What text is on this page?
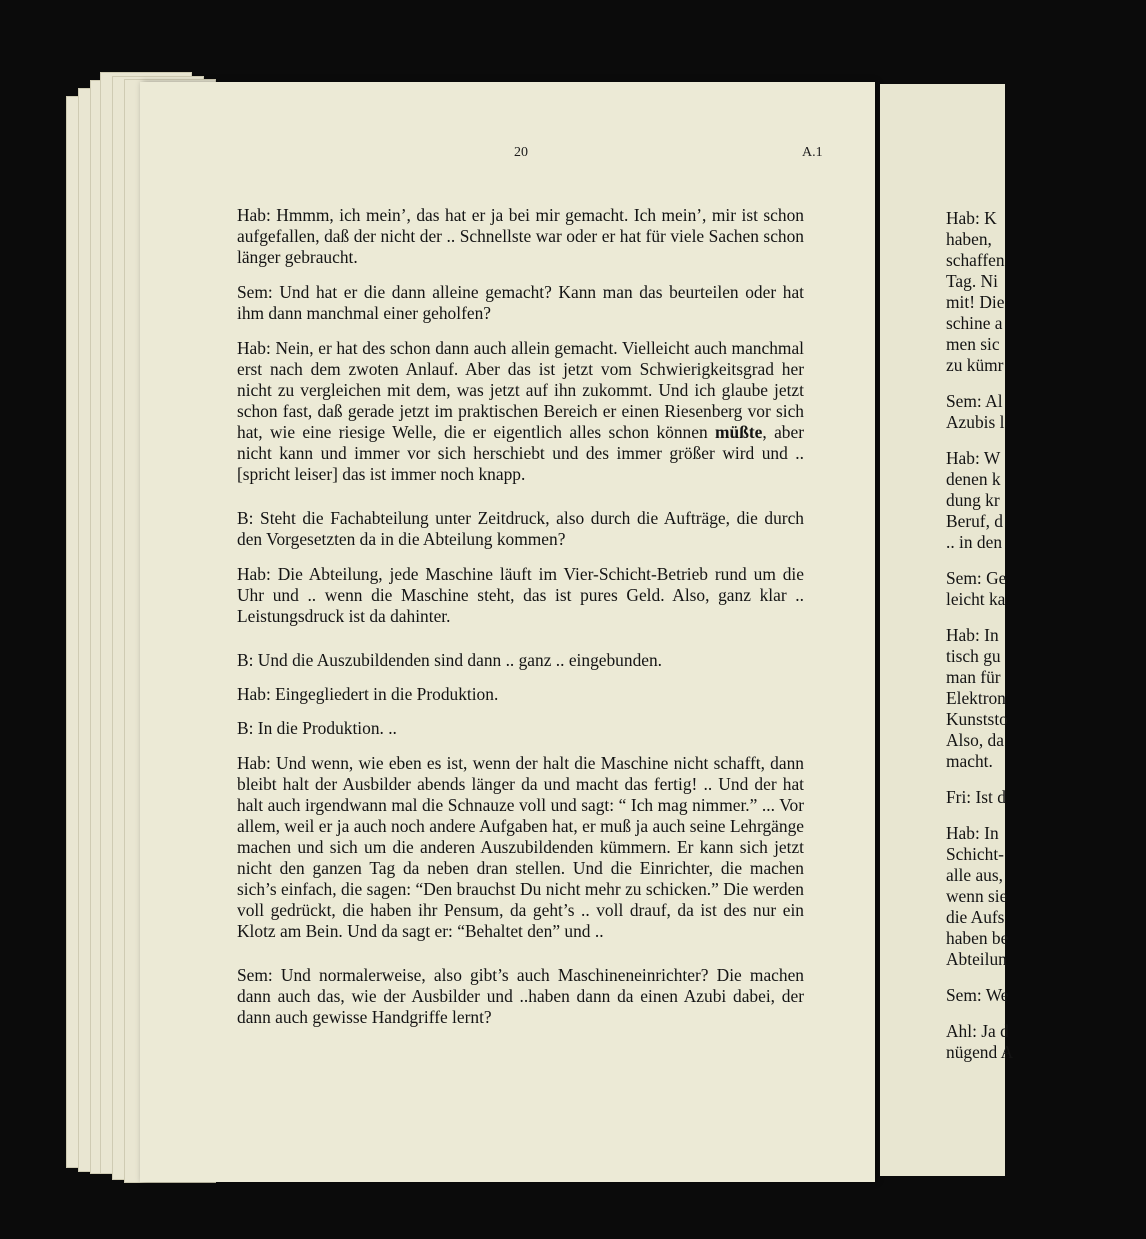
20	A.1

Hab: Hmmm, ich mein’, das hat er ja bei mir gemacht. Ich mein’, mir ist schon aufgefallen, daß der nicht der .. Schnellste war oder er hat für viele Sachen schon länger gebraucht.

Sem: Und hat er die dann alleine gemacht? Kann man das beurteilen oder hat ihm dann manchmal einer geholfen?

Hab: Nein, er hat des schon dann auch allein gemacht. Vielleicht auch manchmal erst nach dem zwoten Anlauf. Aber das ist jetzt vom Schwierigkeitsgrad her nicht zu vergleichen mit dem, was jetzt auf ihn zukommt. Und ich glaube jetzt schon fast, daß gerade jetzt im praktischen Bereich er einen Riesenberg vor sich hat, wie eine riesige Welle, die er eigentlich alles schon können müßte, aber nicht kann und immer vor sich herschiebt und des immer größer wird und .. [spricht leiser] das ist immer noch knapp.

B: Steht die Fachabteilung unter Zeitdruck, also durch die Aufträge, die durch den Vorgesetzten da in die Abteilung kommen?

Hab: Die Abteilung, jede Maschine läuft im Vier-Schicht-Betrieb rund um die Uhr und .. wenn die Maschine steht, das ist pures Geld. Also, ganz klar .. Leistungsdruck ist da dahinter.

B: Und die Auszubildenden sind dann .. ganz .. eingebunden.

Hab: Eingegliedert in die Produktion.

B: In die Produktion. ..

Hab: Und wenn, wie eben es ist, wenn der halt die Maschine nicht schafft, dann bleibt halt der Ausbilder abends länger da und macht das fertig! .. Und der hat halt auch irgendwann mal die Schnauze voll und sagt: “ Ich mag nimmer.” ... Vor allem, weil er ja auch noch andere Aufgaben hat, er muß ja auch seine Lehrgänge machen und sich um die anderen Auszubildenden kümmern. Er kann sich jetzt nicht den ganzen Tag da neben dran stellen. Und die Einrichter, die machen sich’s einfach, die sagen: “Den brauchst Du nicht mehr zu schicken.” Die werden voll gedrückt, die haben ihr Pensum, da geht’s .. voll drauf, da ist des nur ein Klotz am Bein. Und da sagt er: “Behaltet den” und ..

Sem: Und normalerweise, also gibt’s auch Maschineneinrichter? Die machen dann auch das, wie der Ausbilder und ..haben dann da einen Azubi dabei, der dann auch gewisse Handgriffe lernt?

Hab: K
haben,
schaffen
Tag. Ni
mit! Die
schine a
men sic
zu kümr
Sem: Al
Azubis l
Hab: W
denen k
dung kr
Beruf, d
.. in den
Sem: Ge
leicht ka
Hab: In
tisch gu
man für
Elektron
Kunststo
Also, da
macht.
Fri: Ist d
Hab: In
Schicht-
alle aus,
wenn sie
die Aufs
haben be
Abteilun
Sem: We
Ahl: Ja d
nügend A
